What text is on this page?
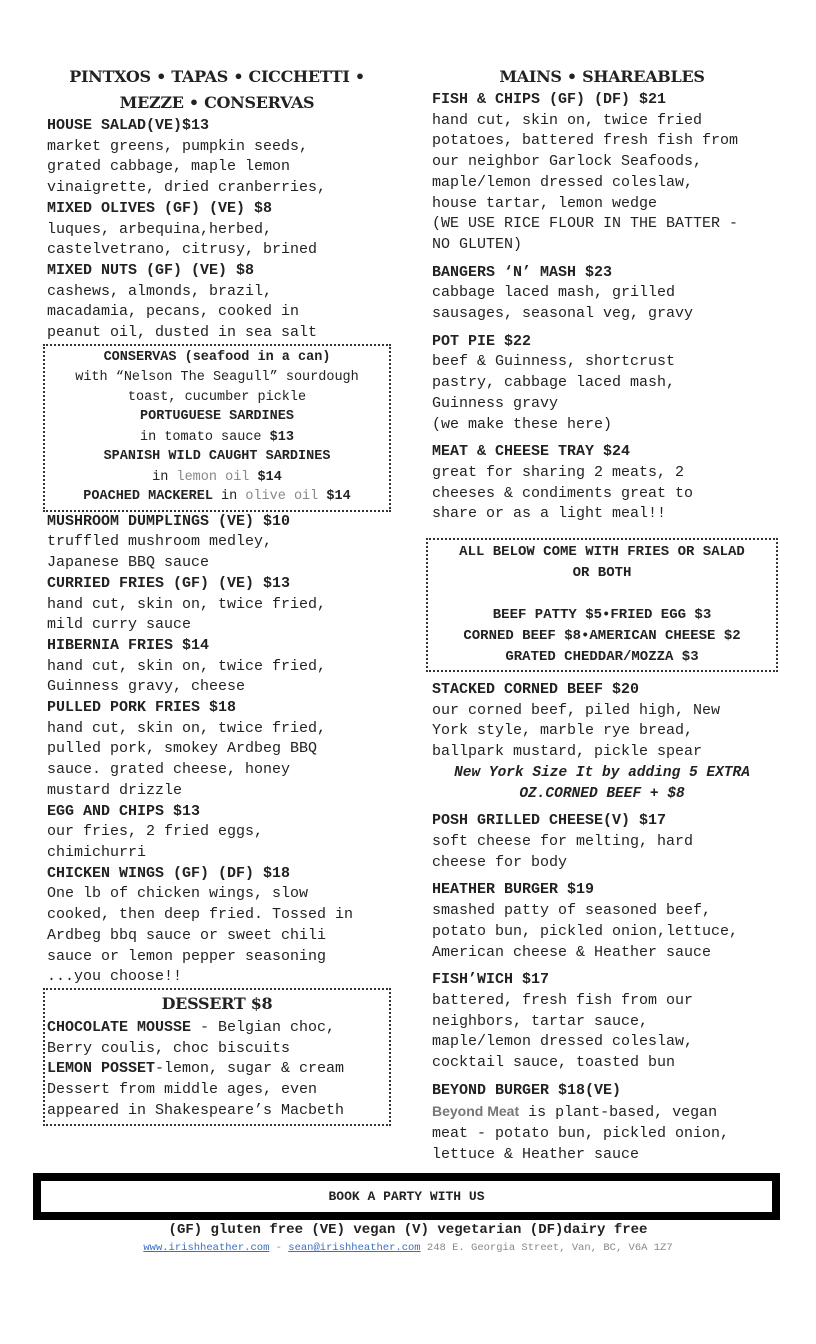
PINTXOS • TAPAS • CICCHETTI •
MEZZE • CONSERVAS
HOUSE SALAD(VE)$13
market greens, pumpkin seeds,
grated cabbage, maple lemon
vinaigrette, dried cranberries,
MIXED OLIVES (GF) (VE) $8
luques, arbequina,herbed,
castelvetrano, citrusy, brined
MIXED NUTS (GF) (VE) $8
cashews, almonds, brazil,
macadamia, pecans, cooked in
peanut oil, dusted in sea salt
CONSERVAS (seafood in a can)
with “Nelson The Seagull” sourdough
toast, cucumber pickle
PORTUGUESE SARDINES
in tomato sauce $13
SPANISH WILD CAUGHT SARDINES
in lemon oil $14
POACHED MACKEREL in olive oil $14
MUSHROOM DUMPLINGS (VE) $10
truffled mushroom medley,
Japanese BBQ sauce
CURRIED FRIES (GF) (VE) $13
hand cut, skin on, twice fried,
mild curry sauce
HIBERNIA FRIES $14
hand cut, skin on, twice fried,
Guinness gravy, cheese
PULLED PORK FRIES $18
hand cut, skin on, twice fried,
pulled pork, smokey Ardbeg BBQ
sauce. grated cheese, honey
mustard drizzle
EGG AND CHIPS $13
our fries, 2 fried eggs,
chimichurri
CHICKEN WINGS (GF) (DF) $18
One lb of chicken wings, slow
cooked, then deep fried. Tossed in
Ardbeg bbq sauce or sweet chili
sauce or lemon pepper seasoning
...you choose!!
DESSERT $8
CHOCOLATE MOUSSE - Belgian choc,
Berry coulis, choc biscuits
LEMON POSSET-lemon, sugar & cream
Dessert from middle ages, even
appeared in Shakespeare’s Macbeth
MAINS • SHAREABLES
FISH & CHIPS (GF) (DF) $21
hand cut, skin on, twice fried
potatoes, battered fresh fish from
our neighbor Garlock Seafoods,
maple/lemon dressed coleslaw,
house tartar, lemon wedge
(WE USE RICE FLOUR IN THE BATTER -
NO GLUTEN)
BANGERS ‘N’ MASH $23
cabbage laced mash, grilled
sausages, seasonal veg, gravy
POT PIE $22
beef & Guinness, shortcrust
pastry, cabbage laced mash,
Guinness gravy
(we make these here)
MEAT & CHEESE TRAY $24
great for sharing 2 meats, 2
cheeses & condiments great to
share or as a light meal!!
ALL BELOW COME WITH FRIES OR SALAD
OR BOTH
BEEF PATTY $5•FRIED EGG $3
CORNED BEEF $8•AMERICAN CHEESE $2
GRATED CHEDDAR/MOZZA $3
STACKED CORNED BEEF $20
our corned beef, piled high, New
York style, marble rye bread,
ballpark mustard, pickle spear
New York Size It by adding 5 EXTRA
OZ.CORNED BEEF + $8
POSH GRILLED CHEESE(V) $17
soft cheese for melting, hard
cheese for body
HEATHER BURGER $19
smashed patty of seasoned beef,
potato bun, pickled onion,lettuce,
American cheese & Heather sauce
FISH’WICH $17
battered, fresh fish from our
neighbors, tartar sauce,
maple/lemon dressed coleslaw,
cocktail sauce, toasted bun
BEYOND BURGER $18(VE)
Beyond Meat is plant-based, vegan
meat - potato bun, pickled onion,
lettuce & Heather sauce
BOOK A PARTY WITH US
(GF) gluten free (VE) vegan (V) vegetarian (DF)dairy free
www.irishheather.com - sean@irishheather.com 248 E. Georgia Street, Van, BC, V6A 1Z7
